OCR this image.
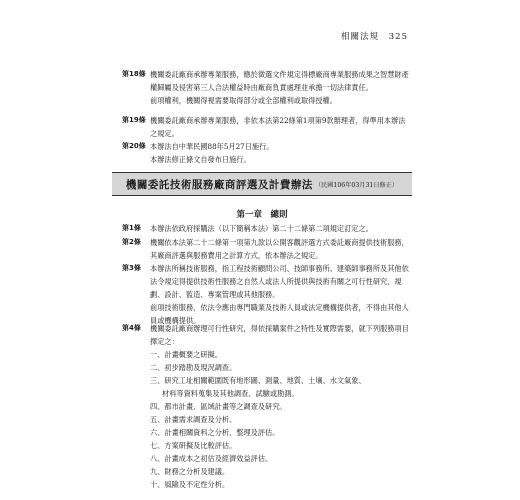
相關法規 325
第18條 機關委託廠商承辦專業服務，應於徵選文件規定得標廠商專業服務成果之智慧財產權歸屬及侵害第三人合法權益時由廠商負責處理並承擔一切法律責任。

前項權利，機關得視需要取得部分或全部權利或取得授權。

第19條 機關委託廠商承辦專業服務，非依本法第22條第1項第9款辦理者，得準用本辦法之規定。

第20條 本辦法自中華民國88年5月27日施行。

本辦法修正條文自發布日施行。

機關委託技術服務廠商評選及計費辦法 （民國106年03月31日修正）
第一章　總則
第1條	本辦法依政府採購法（以下簡稱本法）第二十二條第二項規定訂定之。

第2條	機關依本法第二十二條第一項第九款以公開客觀評選方式委託廠商提供技術服務，其廠商評選與服務費用之計算方式，依本辦法之規定。

第3條	本辦法所稱技術服務，指工程技術顧問公司、技師事務所、建築師事務所及其他依法令規定得提供技術性服務之自然人或法人所提供與技術有關之可行性研究、規劃、設計、監造、專案管理或其他服務。

前項技術服務，依法令應由專門職業及技術人員或法定機構提供者，不得由其他人員或機構提供。

第4條	機關委託廠商辦理可行性研究，得依採購案件之特性及實際需要，就下列服務項目擇定之：

一、計畫概要之研擬。
二、初步踏勘及現況調查。
三、研究工址相關範圍既有地形圖、測量、地質、土壤、水文氣象、
材料等資料蒐集及其他調查、試驗或勘測。
四、都市計畫、區域計畫等之調查及研究。
五、計畫需求調查及分析。
六、計畫相關資料之分析、整理及評估。
七、方案研擬及比較評估。
八、計畫成本之初估及經濟效益評估。
九、財務之分析及建議。
十、風險及不定性分析。
